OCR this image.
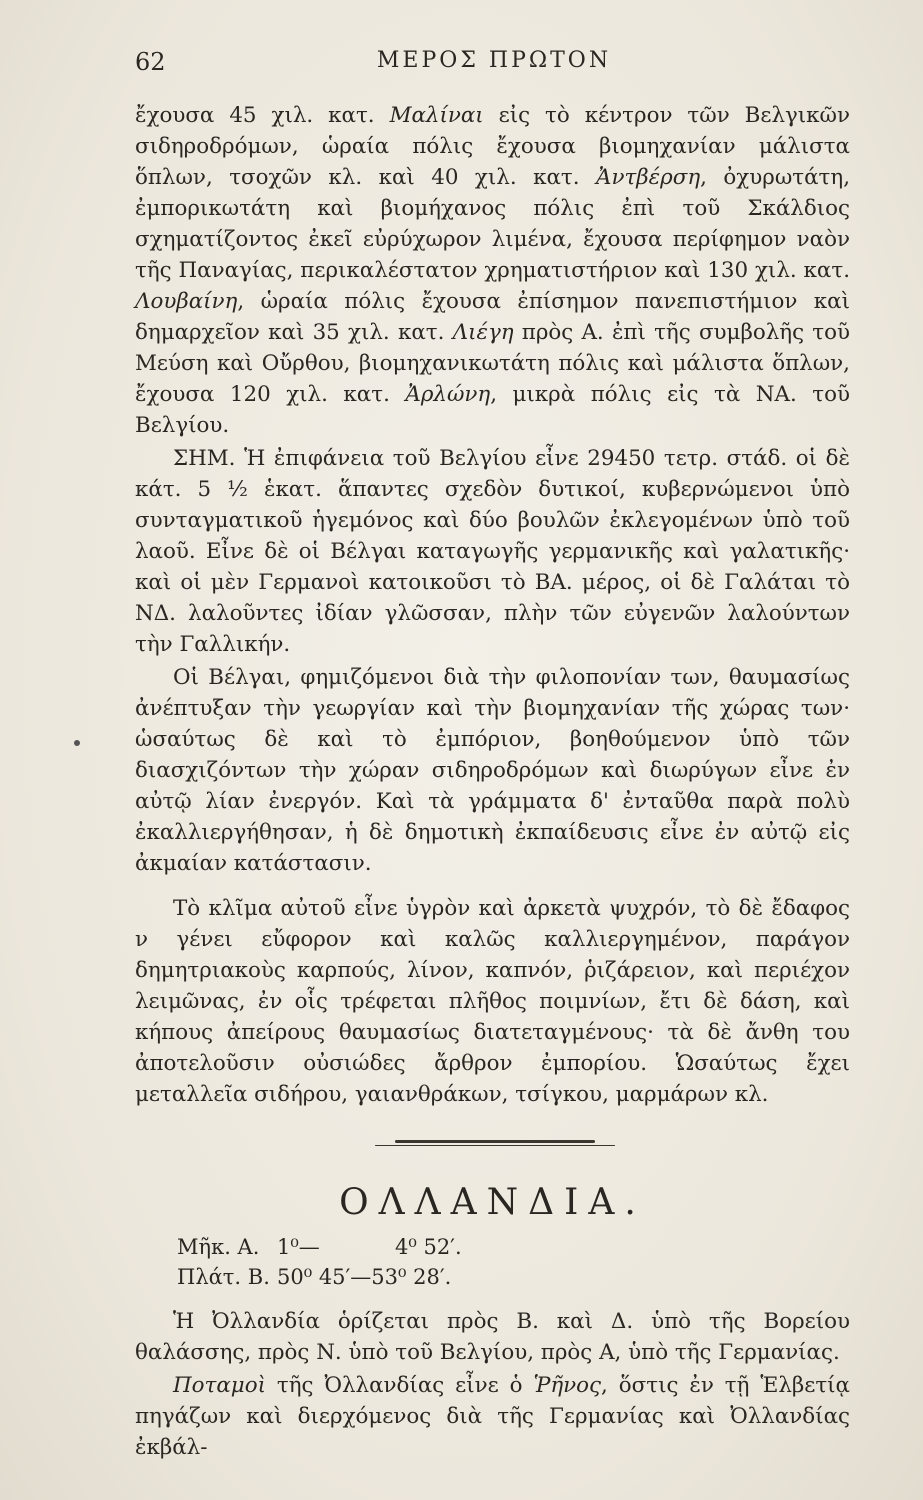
62	ΜΕΡΟΣ ΠΡΩΤΟΝ

ἔχουσα 45 χιλ. κατ. Μαλίναι εἰς τὸ κέντρον τῶν Βελγικῶν σιδηροδρόμων, ὡραία πόλις ἔχουσα βιομηχανίαν μάλιστα ὅπλων, τσοχῶν κλ. καὶ 40 χιλ. κατ. Ἀντβέρση, ὀχυρωτάτη, ἐμπορικωτάτη καὶ βιομήχανος πόλις ἐπὶ τοῦ Σκάλδιος σχηματίζοντος ἐκεῖ εὐρύχωρον λιμένα, ἔχουσα περίφημον ναὸν τῆς Παναγίας, περικαλέστατον χρηματιστήριον καὶ 130 χιλ. κατ. Λουβαίνη, ὡραία πόλις ἔχουσα ἐπίσημον πανεπιστήμιον καὶ δημαρχεῖον καὶ 35 χιλ. κατ. Λιέγη πρὸς Α. ἐπὶ τῆς συμβολῆς τοῦ Μεύση καὶ Οὔρθου, βιομηχανικωτάτη πόλις καὶ μάλιστα ὅπλων, ἔχουσα 120 χιλ. κατ. Ἀρλώνη, μικρὰ πόλις εἰς τὰ ΝΑ. τοῦ Βελγίου.

ΣΗΜ. Ἡ ἐπιφάνεια τοῦ Βελγίου εἶνε 29450 τετρ. στάδ. οἱ δὲ κάτ. 5 ½ ἑκατ. ἅπαντες σχεδὸν δυτικοί, κυβερνώμενοι ὑπὸ συνταγματικοῦ ἡγεμόνος καὶ δύο βουλῶν ἐκλεγομένων ὑπὸ τοῦ λαοῦ. Εἶνε δὲ οἱ Βέλγαι καταγωγῆς γερμανικῆς καὶ γαλατικῆς· καὶ οἱ μὲν Γερμανοὶ κατοικοῦσι τὸ ΒΑ. μέρος, οἱ δὲ Γαλάται τὸ ΝΔ. λαλοῦντες ἰδίαν γλῶσσαν, πλὴν τῶν εὐγενῶν λαλούντων τὴν Γαλλικήν.

Οἱ Βέλγαι, φημιζόμενοι διὰ τὴν φιλοπονίαν των, θαυμασίως ἀνέπτυξαν τὴν γεωργίαν καὶ τὴν βιομηχανίαν τῆς χώρας των· ὡσαύτως δὲ καὶ τὸ ἐμπόριον, βοηθούμενον ὑπὸ τῶν διασχιζόντων τὴν χώραν σιδηροδρόμων καὶ διωρύγων εἶνε ἐν αὐτῷ λίαν ἐνεργόν. Καὶ τὰ γράμματα δ' ἐνταῦθα παρὰ πολὺ ἐκαλλιεργήθησαν, ἡ δὲ δημοτικὴ ἐκπαίδευσις εἶνε ἐν αὐτῷ εἰς ἀκμαίαν κατάστασιν.

Τὸ κλῖμα αὐτοῦ εἶνε ὑγρὸν καὶ ἀρκετὰ ψυχρόν, τὸ δὲ ἔδαφος ν γένει εὔφορον καὶ καλῶς καλλιεργημένον, παράγον δημητριακοὺς καρπούς, λίνον, καπνόν, ῥιζάρειον, καὶ περιέχον λειμῶνας, ἐν οἷς τρέφεται πλῆθος ποιμνίων, ἔτι δὲ δάση, καὶ κήπους ἀπείρους θαυμασίως διατεταγμένους· τὰ δὲ ἄνθη του ἀποτελοῦσιν οὐσιώδες ἄρθρον ἐμπορίου. Ὡσαύτως ἔχει μεταλλεῖα σιδήρου, γαιανθράκων, τσίγκου, μαρμάρων κλ.

ΟΛΛΑΝΔΙΑ.
Μῆκ. Α. 1⁰—	4⁰ 52′.
Πλάτ. Β. 50⁰ 45′—53⁰ 28′.

Ἡ Ὀλλανδία ὁρίζεται πρὸς Β. καὶ Δ. ὑπὸ τῆς Βορείου θαλάσσης, πρὸς Ν. ὑπὸ τοῦ Βελγίου, πρὸς Α, ὑπὸ τῆς Γερμανίας.

Ποταμοὶ τῆς Ὀλλανδίας εἶνε ὁ Ῥῆνος, ὅστις ἐν τῇ Ἑλβετίᾳ πηγάζων καὶ διερχόμενος διὰ τῆς Γερμανίας καὶ Ὀλλανδίας ἐκβάλ-
